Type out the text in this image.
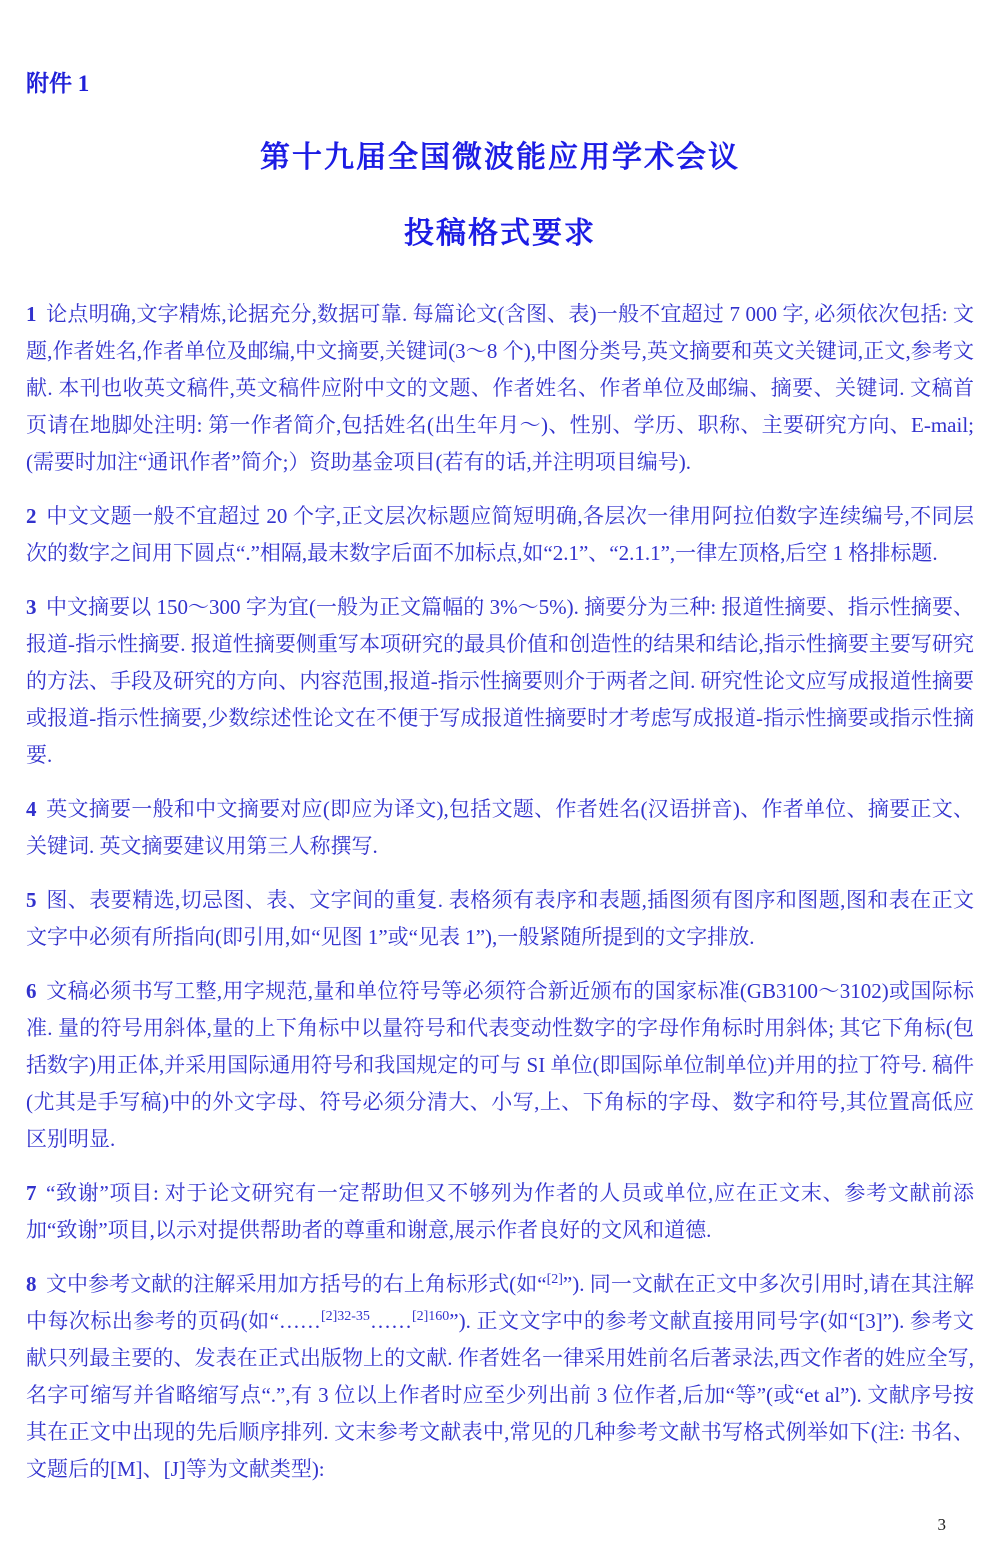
附件 1
第十九届全国微波能应用学术会议
投稿格式要求

1 论点明确,文字精炼,论据充分,数据可靠. 每篇论文(含图、表)一般不宜超过 7 000 字, 必须依次包括: 文题,作者姓名,作者单位及邮编,中文摘要,关键词(3～8 个),中图分类号,英文摘要和英文关键词,正文,参考文献. 本刊也收英文稿件,英文稿件应附中文的文题、作者姓名、作者单位及邮编、摘要、关键词. 文稿首页请在地脚处注明: 第一作者简介,包括姓名(出生年月～)、性别、学历、职称、主要研究方向、E-mail; (需要时加注“通讯作者”简介;）资助基金项目(若有的话,并注明项目编号).

2 中文文题一般不宜超过 20 个字,正文层次标题应简短明确,各层次一律用阿拉伯数字连续编号,不同层次的数字之间用下圆点“.”相隔,最末数字后面不加标点,如“2.1”、“2.1.1”,一律左顶格,后空 1 格排标题.

3 中文摘要以 150～300 字为宜(一般为正文篇幅的 3%～5%). 摘要分为三种: 报道性摘要、指示性摘要、报道-指示性摘要. 报道性摘要侧重写本项研究的最具价值和创造性的结果和结论,指示性摘要主要写研究的方法、手段及研究的方向、内容范围,报道-指示性摘要则介于两者之间. 研究性论文应写成报道性摘要或报道-指示性摘要,少数综述性论文在不便于写成报道性摘要时才考虑写成报道-指示性摘要或指示性摘要.

4 英文摘要一般和中文摘要对应(即应为译文),包括文题、作者姓名(汉语拼音)、作者单位、摘要正文、关键词. 英文摘要建议用第三人称撰写.

5 图、表要精选,切忌图、表、文字间的重复. 表格须有表序和表题,插图须有图序和图题,图和表在正文文字中必须有所指向(即引用,如“见图 1”或“见表 1”),一般紧随所提到的文字排放.

6 文稿必须书写工整,用字规范,量和单位符号等必须符合新近颁布的国家标准(GB3100～3102)或国际标准. 量的符号用斜体,量的上下角标中以量符号和代表变动性数字的字母作角标时用斜体; 其它下角标(包括数字)用正体,并采用国际通用符号和我国规定的可与 SI 单位(即国际单位制单位)并用的拉丁符号. 稿件(尤其是手写稿)中的外文字母、符号必须分清大、小写,上、下角标的字母、数字和符号,其位置高低应区别明显.

7 “致谢”项目: 对于论文研究有一定帮助但又不够列为作者的人员或单位,应在正文末、参考文献前添加“致谢”项目,以示对提供帮助者的尊重和谢意,展示作者良好的文风和道德.

8 文中参考文献的注解采用加方括号的右上角标形式(如“[2]”). 同一文献在正文中多次引用时,请在其注解中每次标出参考的页码(如“……$^{[2]32-35}$……$^{[2]160}$”). 正文文字中的参考文献直接用同号字(如“[3]”). 参考文献只列最主要的、发表在正式出版物上的文献. 作者姓名一律采用姓前名后著录法,西文作者的姓应全写,名字可缩写并省略缩写点“.”,有 3 位以上作者时应至少列出前 3 位作者,后加“等”(或“et al”). 文献序号按其在正文中出现的先后顺序排列. 文末参考文献表中,常见的几种参考文献书写格式例举如下(注: 书名、文题后的[M]、[J]等为文献类型):

3
